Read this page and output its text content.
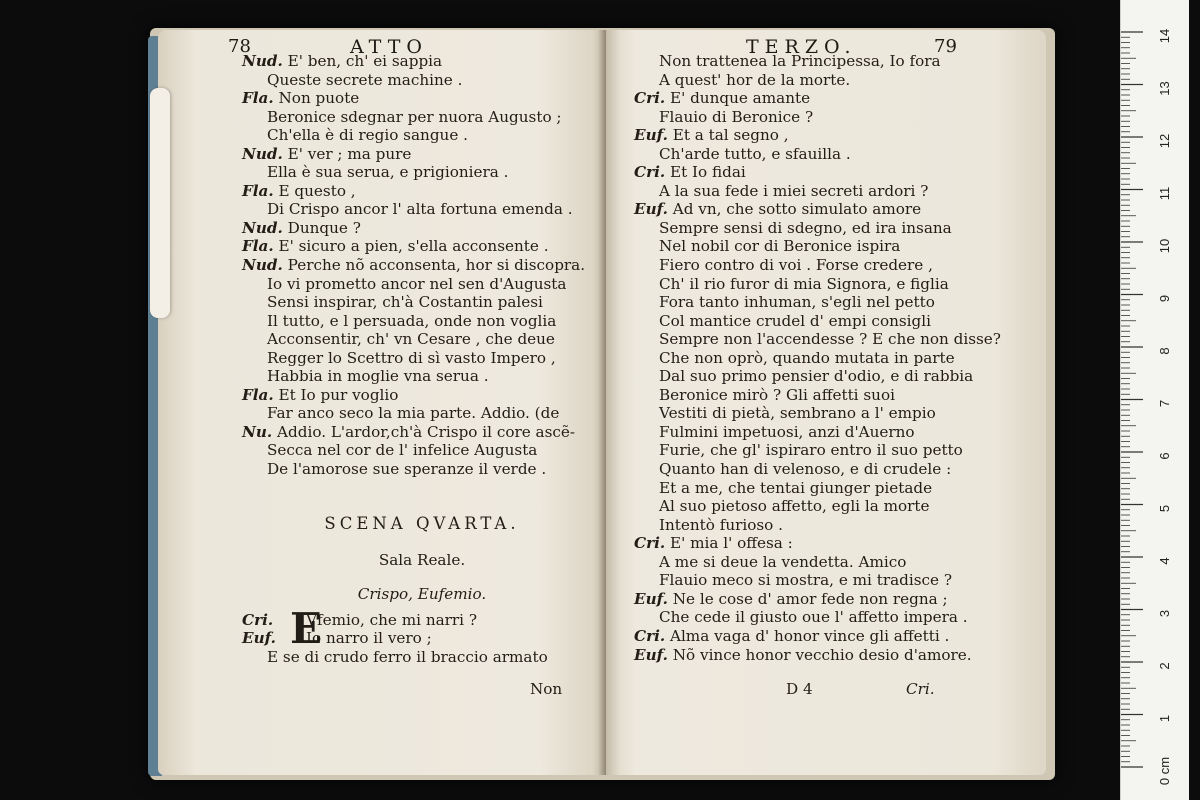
78	ATTO
Nud. E' ben, ch' ei sappia
Queste secrete machine .
Fla. Non puote
Beronice sdegnar per nuora Augusto ;
Ch'ella è di regio sangue .
Nud. E' ver ; ma pure
Ella è sua serua, e prigioniera .
Fla. E questo ,
Di Crispo ancor l' alta fortuna emenda .
Nud. Dunque ?
Fla. E' sicuro a pien, s'ella acconsente .
Nud. Perche nõ acconsenta, hor si discopra.
Io vi prometto ancor nel sen d'Augusta
Sensi inspirar, ch'à Costantin palesi
Il tutto, e l persuada, onde non voglia
Acconsentir, ch' vn Cesare , che deue
Regger lo Scettro di sì vasto Impero ,
Habbia in moglie vna serua .
Fla. Et Io pur voglio
Far anco seco la mia parte. Addio. (de
Nu. Addio. L'ardor,ch'à Crispo il core ascẽ-
Secca nel cor de l' infelice Augusta
De l'amorose sue speranze il verde .
SCENA QVARTA.
Sala Reale.
Crispo, Eufemio.
E
Cri. Vfemio, che mi narri ?
Euf. Io narro il vero ;
E se di crudo ferro il braccio armato
Non
TERZO.	79
Non trattenea la Principessa, Io fora
A quest' hor de la morte.
Cri. E' dunque amante
Flauio di Beronice ?
Euf. Et a tal segno ,
Ch'arde tutto, e sfauilla .
Cri. Et Io fidai
A la sua fede i miei secreti ardori ?
Euf. Ad vn, che sotto simulato amore
Sempre sensi di sdegno, ed ira insana
Nel nobil cor di Beronice ispira
Fiero contro di voi . Forse credere ,
Ch' il rio furor di mia Signora, e figlia
Fora tanto inhuman, s'egli nel petto
Col mantice crudel d' empi consigli
Sempre non l'accendesse ? E che non disse?
Che non oprò, quando mutata in parte
Dal suo primo pensier d'odio, e di rabbia
Beronice mirò ? Gli affetti suoi
Vestiti di pietà, sembrano a l' empio
Fulmini impetuosi, anzi d'Auerno
Furie, che gl' ispiraro entro il suo petto
Quanto han di velenoso, e di crudele :
Et a me, che tentai giunger pietade
Al suo pietoso affetto, egli la morte
Intentò furioso .
Cri. E' mia l' offesa :
A me si deue la vendetta. Amico
Flauio meco si mostra, e mi tradisce ?
Euf. Ne le cose d' amor fede non regna ;
Che cede il giusto oue l' affetto impera .
Cri. Alma vaga d' honor vince gli affetti .
Euf. Nõ vince honor vecchio desio d'amore.
D 4	Cri.
14
13
12
11
10
9
8
7
6
5
4
3
2
1
0 cm
